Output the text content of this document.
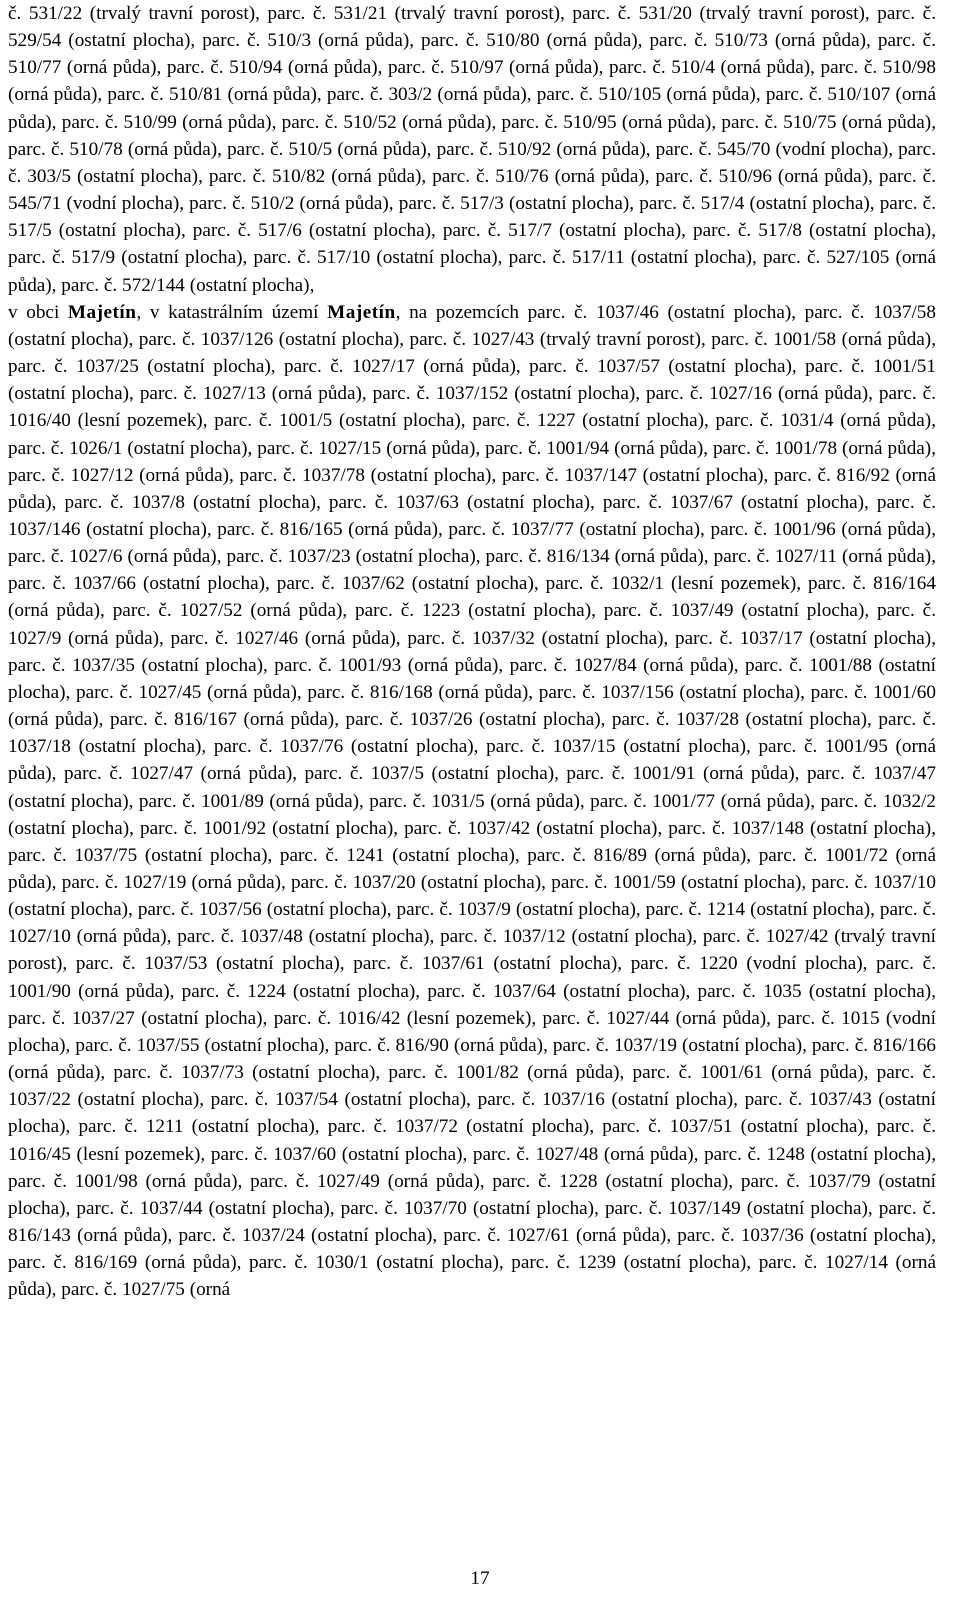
č. 531/22 (trvalý travní porost), parc. č. 531/21 (trvalý travní porost), parc. č. 531/20 (trvalý travní porost), parc. č. 529/54 (ostatní plocha), parc. č. 510/3 (orná půda), parc. č. 510/80 (orná půda), parc. č. 510/73 (orná půda), parc. č. 510/77 (orná půda), parc. č. 510/94 (orná půda), parc. č. 510/97 (orná půda), parc. č. 510/4 (orná půda), parc. č. 510/98 (orná půda), parc. č. 510/81 (orná půda), parc. č. 303/2 (orná půda), parc. č. 510/105 (orná půda), parc. č. 510/107 (orná půda), parc. č. 510/99 (orná půda), parc. č. 510/52 (orná půda), parc. č. 510/95 (orná půda), parc. č. 510/75 (orná půda), parc. č. 510/78 (orná půda), parc. č. 510/5 (orná půda), parc. č. 510/92 (orná půda), parc. č. 545/70 (vodní plocha), parc. č. 303/5 (ostatní plocha), parc. č. 510/82 (orná půda), parc. č. 510/76 (orná půda), parc. č. 510/96 (orná půda), parc. č. 545/71 (vodní plocha), parc. č. 510/2 (orná půda), parc. č. 517/3 (ostatní plocha), parc. č. 517/4 (ostatní plocha), parc. č. 517/5 (ostatní plocha), parc. č. 517/6 (ostatní plocha), parc. č. 517/7 (ostatní plocha), parc. č. 517/8 (ostatní plocha), parc. č. 517/9 (ostatní plocha), parc. č. 517/10 (ostatní plocha), parc. č. 517/11 (ostatní plocha), parc. č. 527/105 (orná půda), parc. č. 572/144 (ostatní plocha),

v obci Majetín, v katastrálním území Majetín, na pozemcích parc. č. 1037/46 (ostatní plocha), parc. č. 1037/58 (ostatní plocha), parc. č. 1037/126 (ostatní plocha), parc. č. 1027/43 (trvalý travní porost), parc. č. 1001/58 (orná půda), parc. č. 1037/25 (ostatní plocha), parc. č. 1027/17 (orná půda), parc. č. 1037/57 (ostatní plocha), parc. č. 1001/51 (ostatní plocha), parc. č. 1027/13 (orná půda), parc. č. 1037/152 (ostatní plocha), parc. č. 1027/16 (orná půda), parc. č. 1016/40 (lesní pozemek), parc. č. 1001/5 (ostatní plocha), parc. č. 1227 (ostatní plocha), parc. č. 1031/4 (orná půda), parc. č. 1026/1 (ostatní plocha), parc. č. 1027/15 (orná půda), parc. č. 1001/94 (orná půda), parc. č. 1001/78 (orná půda), parc. č. 1027/12 (orná půda), parc. č. 1037/78 (ostatní plocha), parc. č. 1037/147 (ostatní plocha), parc. č. 816/92 (orná půda), parc. č. 1037/8 (ostatní plocha), parc. č. 1037/63 (ostatní plocha), parc. č. 1037/67 (ostatní plocha), parc. č. 1037/146 (ostatní plocha), parc. č. 816/165 (orná půda), parc. č. 1037/77 (ostatní plocha), parc. č. 1001/96 (orná půda), parc. č. 1027/6 (orná půda), parc. č. 1037/23 (ostatní plocha), parc. č. 816/134 (orná půda), parc. č. 1027/11 (orná půda), parc. č. 1037/66 (ostatní plocha), parc. č. 1037/62 (ostatní plocha), parc. č. 1032/1 (lesní pozemek), parc. č. 816/164 (orná půda), parc. č. 1027/52 (orná půda), parc. č. 1223 (ostatní plocha), parc. č. 1037/49 (ostatní plocha), parc. č. 1027/9 (orná půda), parc. č. 1027/46 (orná půda), parc. č. 1037/32 (ostatní plocha), parc. č. 1037/17 (ostatní plocha), parc. č. 1037/35 (ostatní plocha), parc. č. 1001/93 (orná půda), parc. č. 1027/84 (orná půda), parc. č. 1001/88 (ostatní plocha), parc. č. 1027/45 (orná půda), parc. č. 816/168 (orná půda), parc. č. 1037/156 (ostatní plocha), parc. č. 1001/60 (orná půda), parc. č. 816/167 (orná půda), parc. č. 1037/26 (ostatní plocha), parc. č. 1037/28 (ostatní plocha), parc. č. 1037/18 (ostatní plocha), parc. č. 1037/76 (ostatní plocha), parc. č. 1037/15 (ostatní plocha), parc. č. 1001/95 (orná půda), parc. č. 1027/47 (orná půda), parc. č. 1037/5 (ostatní plocha), parc. č. 1001/91 (orná půda), parc. č. 1037/47 (ostatní plocha), parc. č. 1001/89 (orná půda), parc. č. 1031/5 (orná půda), parc. č. 1001/77 (orná půda), parc. č. 1032/2 (ostatní plocha), parc. č. 1001/92 (ostatní plocha), parc. č. 1037/42 (ostatní plocha), parc. č. 1037/148 (ostatní plocha), parc. č. 1037/75 (ostatní plocha), parc. č. 1241 (ostatní plocha), parc. č. 816/89 (orná půda), parc. č. 1001/72 (orná půda), parc. č. 1027/19 (orná půda), parc. č. 1037/20 (ostatní plocha), parc. č. 1001/59 (ostatní plocha), parc. č. 1037/10 (ostatní plocha), parc. č. 1037/56 (ostatní plocha), parc. č. 1037/9 (ostatní plocha), parc. č. 1214 (ostatní plocha), parc. č. 1027/10 (orná půda), parc. č. 1037/48 (ostatní plocha), parc. č. 1037/12 (ostatní plocha), parc. č. 1027/42 (trvalý travní porost), parc. č. 1037/53 (ostatní plocha), parc. č. 1037/61 (ostatní plocha), parc. č. 1220 (vodní plocha), parc. č. 1001/90 (orná půda), parc. č. 1224 (ostatní plocha), parc. č. 1037/64 (ostatní plocha), parc. č. 1035 (ostatní plocha), parc. č. 1037/27 (ostatní plocha), parc. č. 1016/42 (lesní pozemek), parc. č. 1027/44 (orná půda), parc. č. 1015 (vodní plocha), parc. č. 1037/55 (ostatní plocha), parc. č. 816/90 (orná půda), parc. č. 1037/19 (ostatní plocha), parc. č. 816/166 (orná půda), parc. č. 1037/73 (ostatní plocha), parc. č. 1001/82 (orná půda), parc. č. 1001/61 (orná půda), parc. č. 1037/22 (ostatní plocha), parc. č. 1037/54 (ostatní plocha), parc. č. 1037/16 (ostatní plocha), parc. č. 1037/43 (ostatní plocha), parc. č. 1211 (ostatní plocha), parc. č. 1037/72 (ostatní plocha), parc. č. 1037/51 (ostatní plocha), parc. č. 1016/45 (lesní pozemek), parc. č. 1037/60 (ostatní plocha), parc. č. 1027/48 (orná půda), parc. č. 1248 (ostatní plocha), parc. č. 1001/98 (orná půda), parc. č. 1027/49 (orná půda), parc. č. 1228 (ostatní plocha), parc. č. 1037/79 (ostatní plocha), parc. č. 1037/44 (ostatní plocha), parc. č. 1037/70 (ostatní plocha), parc. č. 1037/149 (ostatní plocha), parc. č. 816/143 (orná půda), parc. č. 1037/24 (ostatní plocha), parc. č. 1027/61 (orná půda), parc. č. 1037/36 (ostatní plocha), parc. č. 816/169 (orná půda), parc. č. 1030/1 (ostatní plocha), parc. č. 1239 (ostatní plocha), parc. č. 1027/14 (orná půda), parc. č. 1027/75 (orná

17
